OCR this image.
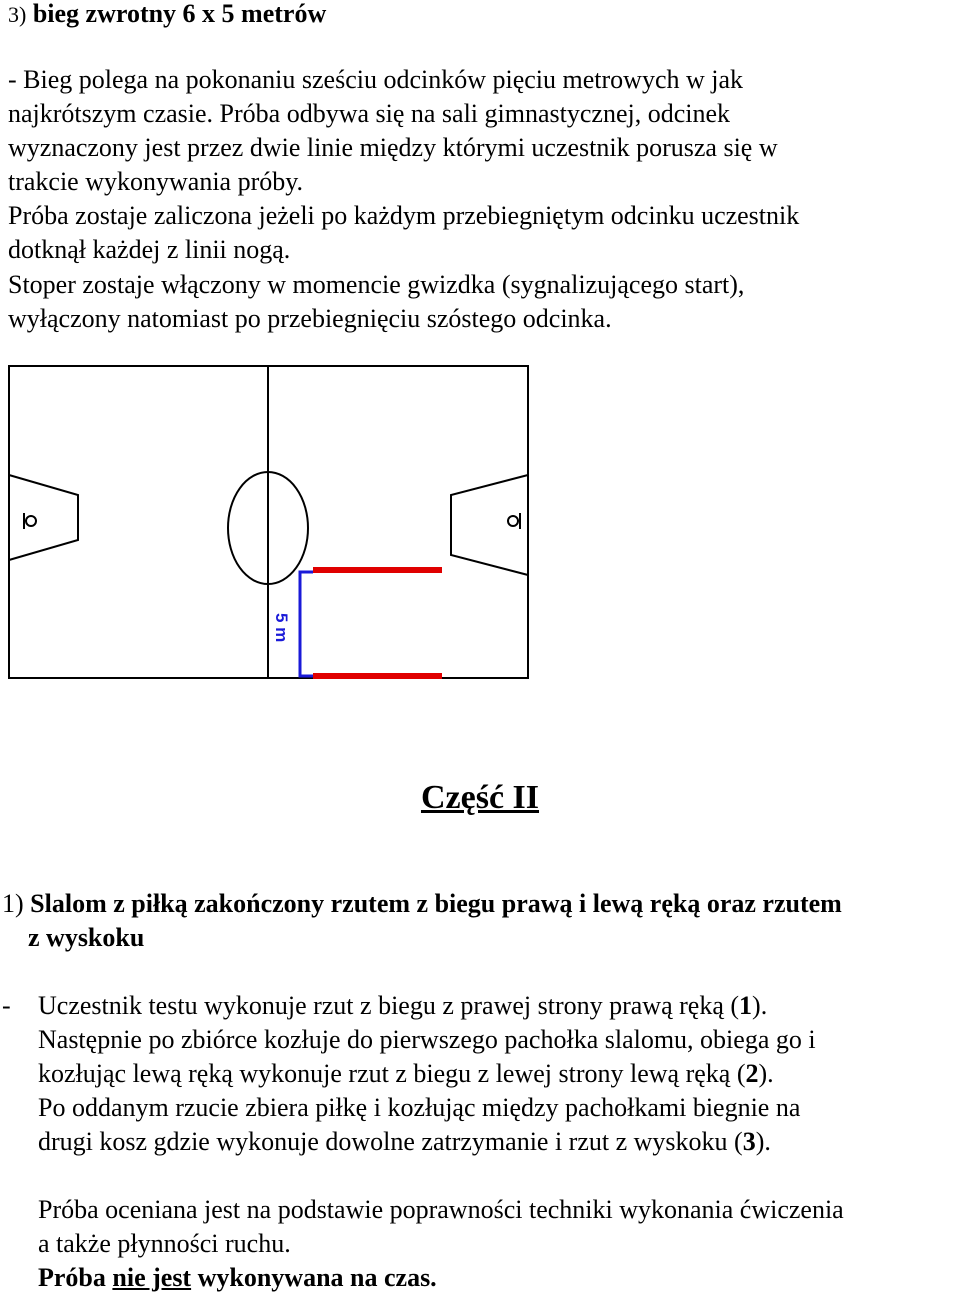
3) bieg zwrotny 6 x 5 metrów
- Bieg polega na pokonaniu sześciu odcinków pięciu metrowych w jak
najkrótszym czasie. Próba odbywa się na sali gimnastycznej, odcinek
wyznaczony jest przez dwie linie między którymi uczestnik porusza się w
trakcie wykonywania próby.
Próba zostaje zaliczona jeżeli po każdym przebiegniętym odcinku uczestnik
dotknął każdej z linii nogą.
Stoper zostaje włączony w momencie gwizdka (sygnalizującego start),
wyłączony natomiast po przebiegnięciu szóstego odcinka.
5 m
Część II
1) Slalom z piłką zakończony rzutem z biegu prawą i lewą ręką oraz rzutem
z wyskoku
- Uczestnik testu wykonuje rzut z biegu z prawej strony prawą ręką (1).
Następnie po zbiórce kozłuje do pierwszego pachołka slalomu, obiega go i
kozłując lewą ręką wykonuje rzut z biegu z lewej strony lewą ręką (2).
Po oddanym rzucie zbiera piłkę i kozłując między pachołkami biegnie na
drugi kosz gdzie wykonuje dowolne zatrzymanie i rzut z wyskoku (3).
Próba oceniana jest na podstawie poprawności techniki wykonania ćwiczenia
a także płynności ruchu.
Próba nie jest wykonywana na czas.
